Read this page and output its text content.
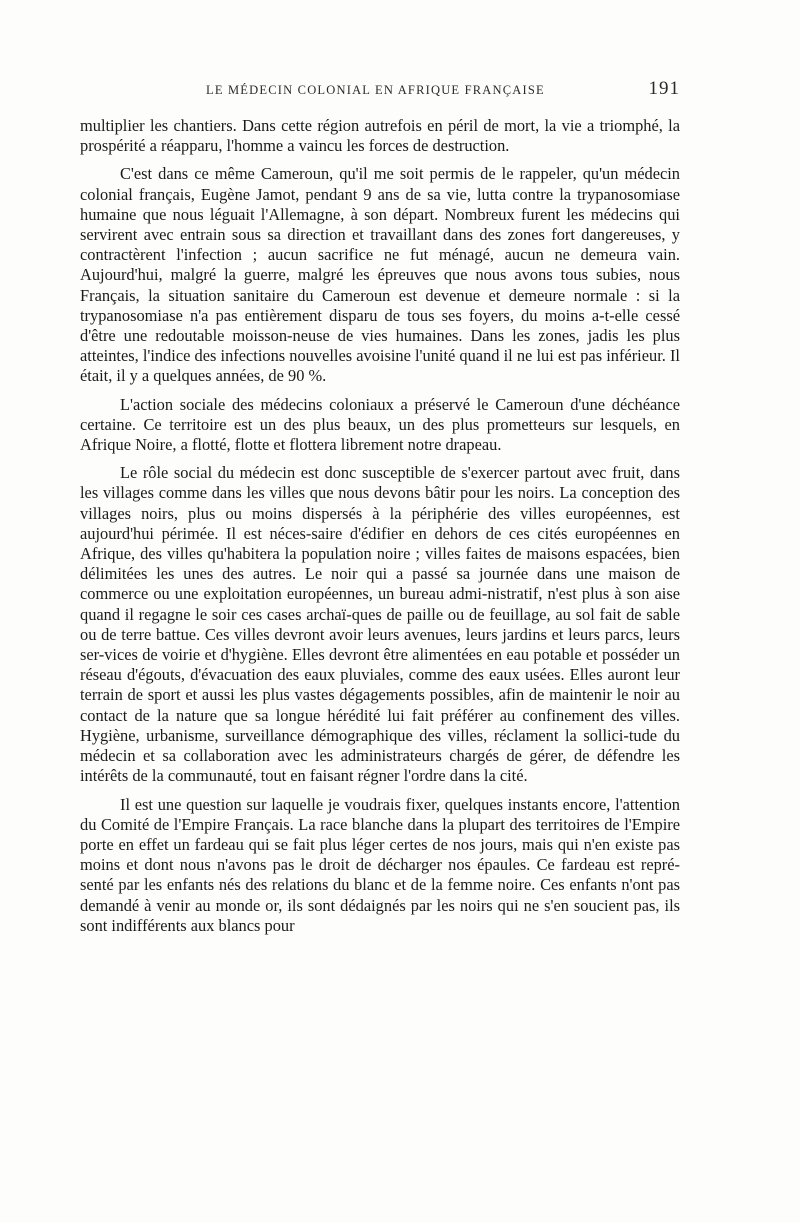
LE MÉDECIN COLONIAL EN AFRIQUE FRANÇAISE	191

multiplier les chantiers. Dans cette région autrefois en péril de mort, la vie a triomphé, la prospérité a réapparu, l'homme a vaincu les forces de destruction.

C'est dans ce même Cameroun, qu'il me soit permis de le rappeler, qu'un médecin colonial français, Eugène Jamot, pendant 9 ans de sa vie, lutta contre la trypanosomiase humaine que nous léguait l'Allemagne, à son départ. Nombreux furent les médecins qui servirent avec entrain sous sa direction et travaillant dans des zones fort dangereuses, y contractèrent l'infection ; aucun sacrifice ne fut ménagé, aucun ne demeura vain. Aujourd'hui, malgré la guerre, malgré les épreuves que nous avons tous subies, nous Français, la situation sanitaire du Cameroun est devenue et demeure normale : si la trypanosomiase n'a pas entièrement disparu de tous ses foyers, du moins a-t-elle cessé d'être une redoutable moisson-neuse de vies humaines. Dans les zones, jadis les plus atteintes, l'indice des infections nouvelles avoisine l'unité quand il ne lui est pas inférieur. Il était, il y a quelques années, de 90 %.

L'action sociale des médecins coloniaux a préservé le Cameroun d'une déchéance certaine. Ce territoire est un des plus beaux, un des plus prometteurs sur lesquels, en Afrique Noire, a flotté, flotte et flottera librement notre drapeau.

Le rôle social du médecin est donc susceptible de s'exercer partout avec fruit, dans les villages comme dans les villes que nous devons bâtir pour les noirs. La conception des villages noirs, plus ou moins dispersés à la périphérie des villes européennes, est aujourd'hui périmée. Il est néces-saire d'édifier en dehors de ces cités européennes en Afrique, des villes qu'habitera la population noire ; villes faites de maisons espacées, bien délimitées les unes des autres. Le noir qui a passé sa journée dans une maison de commerce ou une exploitation européennes, un bureau admi-nistratif, n'est plus à son aise quand il regagne le soir ces cases archaï-ques de paille ou de feuillage, au sol fait de sable ou de terre battue. Ces villes devront avoir leurs avenues, leurs jardins et leurs parcs, leurs ser-vices de voirie et d'hygiène. Elles devront être alimentées en eau potable et posséder un réseau d'égouts, d'évacuation des eaux pluviales, comme des eaux usées. Elles auront leur terrain de sport et aussi les plus vastes dégagements possibles, afin de maintenir le noir au contact de la nature que sa longue hérédité lui fait préférer au confinement des villes. Hygiène, urbanisme, surveillance démographique des villes, réclament la sollici-tude du médecin et sa collaboration avec les administrateurs chargés de gérer, de défendre les intérêts de la communauté, tout en faisant régner l'ordre dans la cité.

Il est une question sur laquelle je voudrais fixer, quelques instants encore, l'attention du Comité de l'Empire Français. La race blanche dans la plupart des territoires de l'Empire porte en effet un fardeau qui se fait plus léger certes de nos jours, mais qui n'en existe pas moins et dont nous n'avons pas le droit de décharger nos épaules. Ce fardeau est repré-senté par les enfants nés des relations du blanc et de la femme noire. Ces enfants n'ont pas demandé à venir au monde or, ils sont dédaignés par les noirs qui ne s'en soucient pas, ils sont indifférents aux blancs pour
